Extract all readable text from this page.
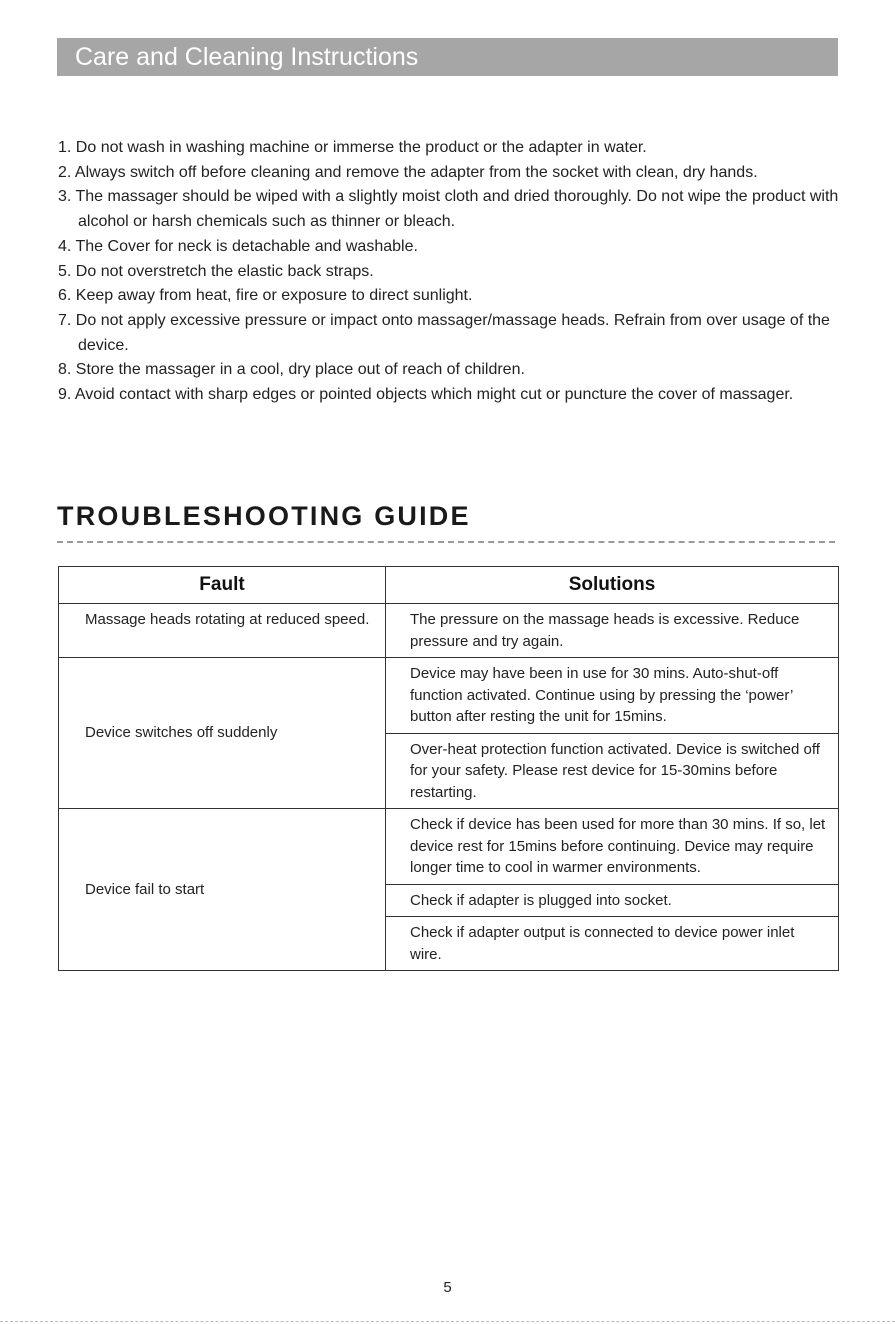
Care and Cleaning Instructions
1. Do not wash in washing machine or immerse the product or the adapter in water.
2. Always switch off before cleaning and remove the adapter from the socket with clean, dry hands.
3. The massager should be wiped with a slightly moist cloth and dried thoroughly. Do not wipe the product with alcohol or harsh chemicals such as thinner or bleach.
4. The Cover for neck is detachable and washable.
5. Do not overstretch the elastic back straps.
6. Keep away from heat, fire or exposure to direct sunlight.
7. Do not apply excessive pressure or impact onto massager/massage heads. Refrain from over usage of the device.
8. Store the massager in a cool, dry place out of reach of children.
9. Avoid contact with sharp edges or pointed objects which might cut or puncture the cover of massager.
TROUBLESHOOTING GUIDE
Fault	Solutions
Massage heads rotating at reduced speed.	The pressure on the massage heads is excessive. Reduce pressure and try again.
Device switches off suddenly	Device may have been in use for 30 mins. Auto-shut-off function activated. Continue using by pressing the ‘power’ button after resting the unit for 15mins.
	Over-heat protection function activated. Device is switched off for your safety. Please rest device for 15-30mins before restarting.
Device fail to start	Check if device has been used for more than 30 mins. If so, let device rest for 15mins before continuing. Device may require longer time to cool in warmer environments.
	Check if adapter is plugged into socket.
	Check if adapter output is connected to device power inlet wire.
5
